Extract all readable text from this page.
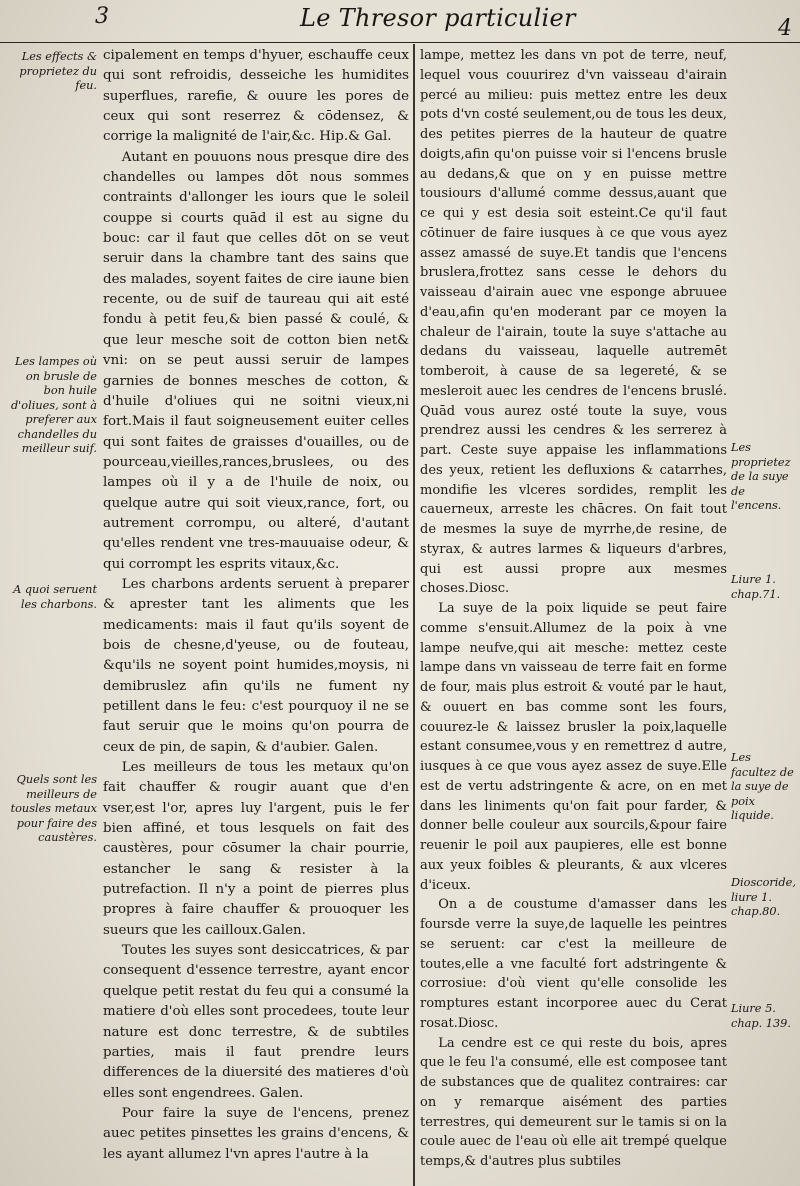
3	Le Thresor particulier	4

cipalement en temps d'hyuer, eschauffe ceux qui sont refroidis, desseiche les humidites superflues, rarefie, & ouure les pores de ceux qui sont reserrez & cōdensez, & corrige la malignité de l'air,&c. Hip.& Gal.

Autant en pouuons nous presque dire des chandelles ou lampes dōt nous sommes contraints d'allonger les iours que le soleil couppe si courts quād il est au signe du bouc: car il faut que celles dōt on se veut seruir dans la chambre tant des sains que des malades, soyent faites de cire iaune bien recente, ou de suif de taureau qui ait esté fondu à petit feu,& bien passé & coulé, & que leur mesche soit de cotton bien net& vni: on se peut aussi seruir de lampes garnies de bonnes mesches de cotton, & d'huile d'oliues qui ne soitni vieux,ni fort.Mais il faut soigneusement euiter celles qui sont faites de graisses d'ouailles, ou de pourceau,vieilles,rances,bruslees, ou des lampes où il y a de l'huile de noix, ou quelque autre qui soit vieux,rance, fort, ou autrement corrompu, ou alteré, d'autant qu'elles rendent vne tres-mauuaise odeur, & qui corrompt les esprits vitaux,&c.

Les charbons ardents seruent à preparer & aprester tant les aliments que les medicaments: mais il faut qu'ils soyent de bois de chesne,d'yeuse, ou de fouteau, &qu'ils ne soyent point humides,moysis, ni demibruslez afin qu'ils ne fument ny petillent dans le feu: c'est pourquoy il ne se faut seruir que le moins qu'on pourra de ceux de pin, de sapin, & d'aubier. Galen.

Les meilleurs de tous les metaux qu'on fait chauffer & rougir auant que d'en vser,est l'or, apres luy l'argent, puis le fer bien affiné, et tous lesquels on fait des caustères, pour cōsumer la chair pourrie, estancher le sang & resister à la putrefaction. Il n'y a point de pierres plus propres à faire chauffer & prouoquer les sueurs que les cailloux.Galen.

Toutes les suyes sont desiccatrices, & par consequent d'essence terrestre, ayant encor quelque petit restat du feu qui a consumé la matiere d'où elles sont procedees, toute leur nature est donc terrestre, & de subtiles parties, mais il faut prendre leurs differences de la diuersité des matieres d'où elles sont engendrees. Galen.

Pour faire la suye de l'encens, prenez auec petites pinsettes les grains d'encens, & les ayant allumez l'vn apres l'autre à la

lampe, mettez les dans vn pot de terre, neuf, lequel vous couurirez d'vn vaisseau d'airain percé au milieu: puis mettez entre les deux pots d'vn costé seulement,ou de tous les deux, des petites pierres de la hauteur de quatre doigts,afin qu'on puisse voir si l'encens brusle au dedans,& que on y en puisse mettre tousiours d'allumé comme dessus,auant que ce qui y est desia soit esteint.Ce qu'il faut cōtinuer de faire iusques à ce que vous ayez assez amassé de suye.Et tandis que l'encens bruslera,frottez sans cesse le dehors du vaisseau d'airain auec vne esponge abruuee d'eau,afin qu'en moderant par ce moyen la chaleur de l'airain, toute la suye s'attache au dedans du vaisseau, laquelle autremēt tomberoit, à cause de sa legereté, & se mesleroit auec les cendres de l'encens bruslé. Quād vous aurez osté toute la suye, vous prendrez aussi les cendres & les serrerez à part. Ceste suye appaise les inflammations des yeux, retient les defluxions & catarrhes, mondifie les vlceres sordides, remplit les cauerneux, arreste les chācres. On fait tout de mesmes la suye de myrrhe,de resine, de styrax, & autres larmes & liqueurs d'arbres, qui est aussi propre aux mesmes choses.Diosc.

La suye de la poix liquide se peut faire comme s'ensuit.Allumez de la poix à vne lampe neufve,qui ait mesche: mettez ceste lampe dans vn vaisseau de terre fait en forme de four, mais plus estroit & vouté par le haut, & ouuert en bas comme sont les fours, couurez-le & laissez brusler la poix,laquelle estant consumee,vous y en remettrez d autre, iusques à ce que vous ayez assez de suye.Elle est de vertu adstringente & acre, on en met dans les liniments qu'on fait pour farder, & donner belle couleur aux sourcils,&pour faire reuenir le poil aux paupieres, elle est bonne aux yeux foibles & pleurants, & aux vlceres d'iceux.

On a de coustume d'amasser dans les foursde verre la suye,de laquelle les peintres se seruent: car c'est la meilleure de toutes,elle a vne faculté fort adstringente & corrosiue: d'où vient qu'elle consolide les romptures estant incorporee auec du Cerat rosat.Diosc.

La cendre est ce qui reste du bois, apres que le feu l'a consumé, elle est composee tant de substances que de qualitez contraires: car on y remarque aisément des parties terrestres, qui demeurent sur le tamis si on la coule auec de l'eau où elle ait trempé quelque temps,& d'autres plus subtiles

Les effects & proprietez du feu.
Les lampes où on brusle de bon huile d'oliues, sont à preferer aux chandelles du meilleur suif.
A quoi seruent les charbons.
Quels sont les meilleurs de tousles metaux pour faire des caustères.
Les proprietez de la suye de l'encens.
Liure 1. chap.71.
Les facultez de la suye de poix liquide.
Dioscoride, liure 1. chap.80.
Liure 5. chap. 139.
